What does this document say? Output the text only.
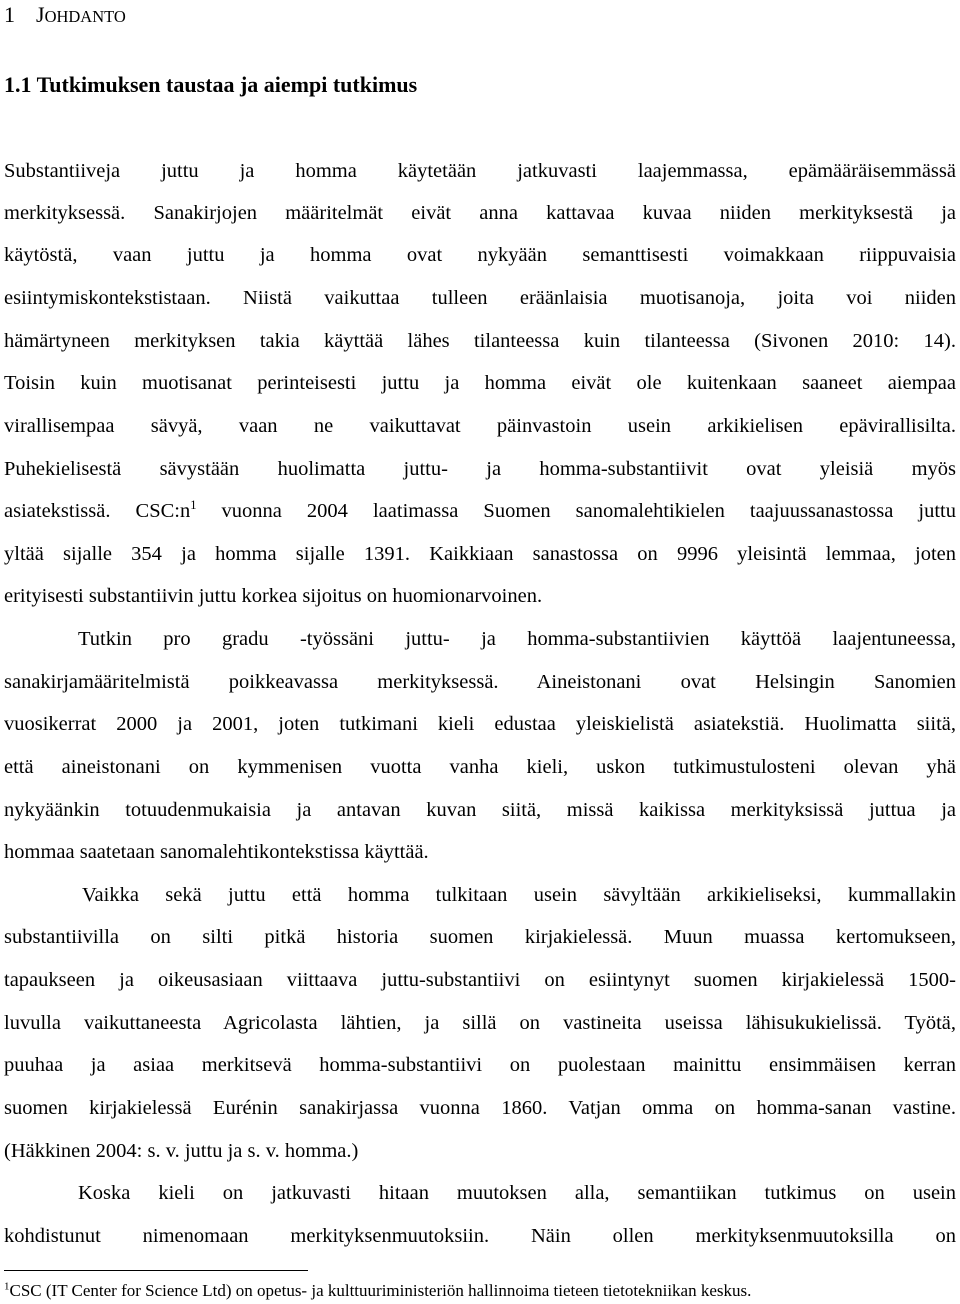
1 JOHDANTO
1.1 Tutkimuksen taustaa ja aiempi tutkimus
Substantiiveja juttu ja homma käytetään jatkuvasti laajemmassa, epämääräisemmässä
merkityksessä. Sanakirjojen määritelmät eivät anna kattavaa kuvaa niiden merkityksestä ja
käytöstä, vaan juttu ja homma ovat nykyään semanttisesti voimakkaan riippuvaisia
esiintymiskontekstistaan. Niistä vaikuttaa tulleen eräänlaisia muotisanoja, joita voi niiden
hämärtyneen merkityksen takia käyttää lähes tilanteessa kuin tilanteessa (Sivonen 2010: 14).
Toisin kuin muotisanat perinteisesti juttu ja homma eivät ole kuitenkaan saaneet aiempaa
virallisempaa sävyä, vaan ne vaikuttavat päinvastoin usein arkikielisen epävirallisilta.
Puhekielisestä sävystään huolimatta juttu- ja homma-substantiivit ovat yleisiä myös
asiatekstissä. $CSC:n^1$ vuonna 2004 laatimassa Suomen sanomalehtikielen taajuussanastossa juttu
yltää sijalle 354 ja homma sijalle 1391. Kaikkiaan sanastossa on 9996 yleisintä lemmaa, joten
erityisesti substantiivin juttu korkea sijoitus on huomionarvoinen.
Tutkin pro gradu -työssäni juttu- ja homma-substantiivien käyttöä laajentuneessa,
sanakirjamääritelmistä poikkeavassa merkityksessä. Aineistonani ovat Helsingin Sanomien
vuosikerrat 2000 ja 2001, joten tutkimani kieli edustaa yleiskielistä asiatekstiä. Huolimatta siitä,
että aineistonani on kymmenisen vuotta vanha kieli, uskon tutkimustulosteni olevan yhä
nykyäänkin totuudenmukaisia ja antavan kuvan siitä, missä kaikissa merkityksissä juttua ja
hommaa saatetaan sanomalehtikontekstissa käyttää.
Vaikka sekä juttu että homma tulkitaan usein sävyltään arkikieliseksi, kummallakin
substantiivilla on silti pitkä historia suomen kirjakielessä. Muun muassa kertomukseen,
tapaukseen ja oikeusasiaan viittaava juttu-substantiivi on esiintynyt suomen kirjakielessä 1500-
luvulla vaikuttaneesta Agricolasta lähtien, ja sillä on vastineita useissa lähisukukielissä. Työtä,
puuhaa ja asiaa merkitsevä homma-substantiivi on puolestaan mainittu ensimmäisen kerran
suomen kirjakielessä Eurénin sanakirjassa vuonna 1860. Vatjan omma on homma-sanan vastine.
(Häkkinen 2004: s. v. juttu ja s. v. homma.)
Koska kieli on jatkuvasti hitaan muutoksen alla, semantiikan tutkimus on usein
kohdistunut nimenomaan merkityksenmuutoksiin. Näin ollen merkityksenmuutoksilla on
$^1$CSC (IT Center for Science Ltd) on opetus- ja kulttuuriministeriön hallinnoima tieteen tietotekniikan keskus.
